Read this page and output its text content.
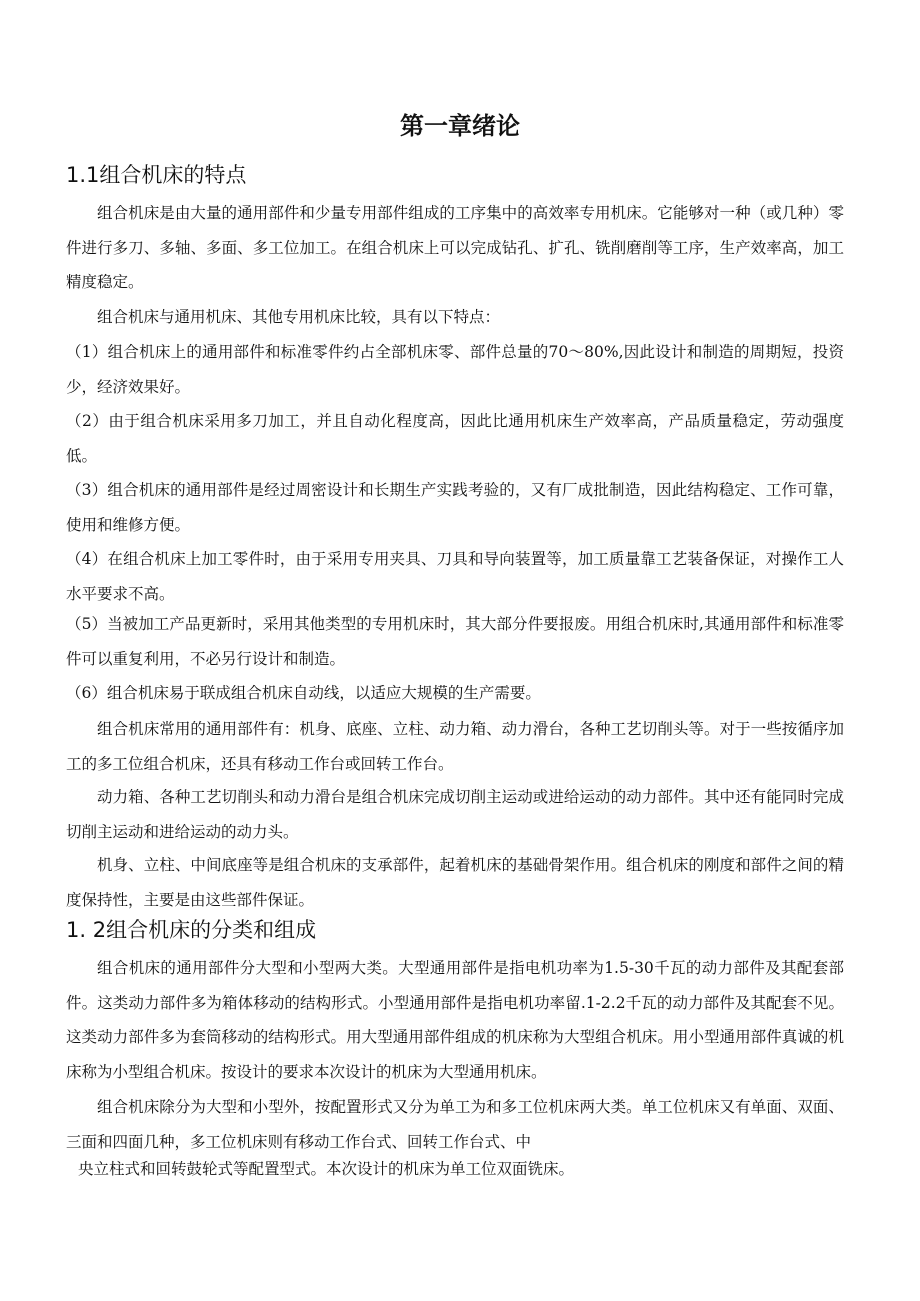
第一章绪论
1.1组合机床的特点

组合机床是由大量的通用部件和少量专用部件组成的工序集中的高效率专用机床。它能够对一种（或几种）零件进行多刀、多轴、多面、多工位加工。在组合机床上可以完成钻孔、扩孔、铣削磨削等工序，生产效率高，加工精度稳定。

组合机床与通用机床、其他专用机床比较，具有以下特点：

（1）组合机床上的通用部件和标准零件约占全部机床零、部件总量的70～80%,因此设计和制造的周期短，投资少，经济效果好。

（2）由于组合机床采用多刀加工，并且自动化程度高，因此比通用机床生产效率高，产品质量稳定，劳动强度低。

（3）组合机床的通用部件是经过周密设计和长期生产实践考验的，又有厂成批制造，因此结构稳定、工作可靠，使用和维修方便。

（4）在组合机床上加工零件时，由于采用专用夹具、刀具和导向装置等，加工质量靠工艺装备保证，对操作工人水平要求不高。

（5）当被加工产品更新时，采用其他类型的专用机床时，其大部分件要报废。用组合机床时,其通用部件和标准零件可以重复利用，不必另行设计和制造。

（6）组合机床易于联成组合机床自动线，以适应大规模的生产需要。

组合机床常用的通用部件有：机身、底座、立柱、动力箱、动力滑台，各种工艺切削头等。对于一些按循序加工的多工位组合机床，还具有移动工作台或回转工作台。

动力箱、各种工艺切削头和动力滑台是组合机床完成切削主运动或进给运动的动力部件。其中还有能同时完成切削主运动和进给运动的动力头。

机身、立柱、中间底座等是组合机床的支承部件，起着机床的基础骨架作用。组合机床的刚度和部件之间的精度保持性，主要是由这些部件保证。

1. 2组合机床的分类和组成

组合机床的通用部件分大型和小型两大类。大型通用部件是指电机功率为1.5-30千瓦的动力部件及其配套部件。这类动力部件多为箱体移动的结构形式。小型通用部件是指电机功率留.1-2.2千瓦的动力部件及其配套不见。这类动力部件多为套筒移动的结构形式。用大型通用部件组成的机床称为大型组合机床。用小型通用部件真诚的机床称为小型组合机床。按设计的要求本次设计的机床为大型通用机床。

组合机床除分为大型和小型外，按配置形式又分为单工为和多工位机床两大类。单工位机床又有单面、双面、三面和四面几种，多工位机床则有移动工作台式、回转工作台式、中

央立柱式和回转鼓轮式等配置型式。本次设计的机床为单工位双面铣床。
